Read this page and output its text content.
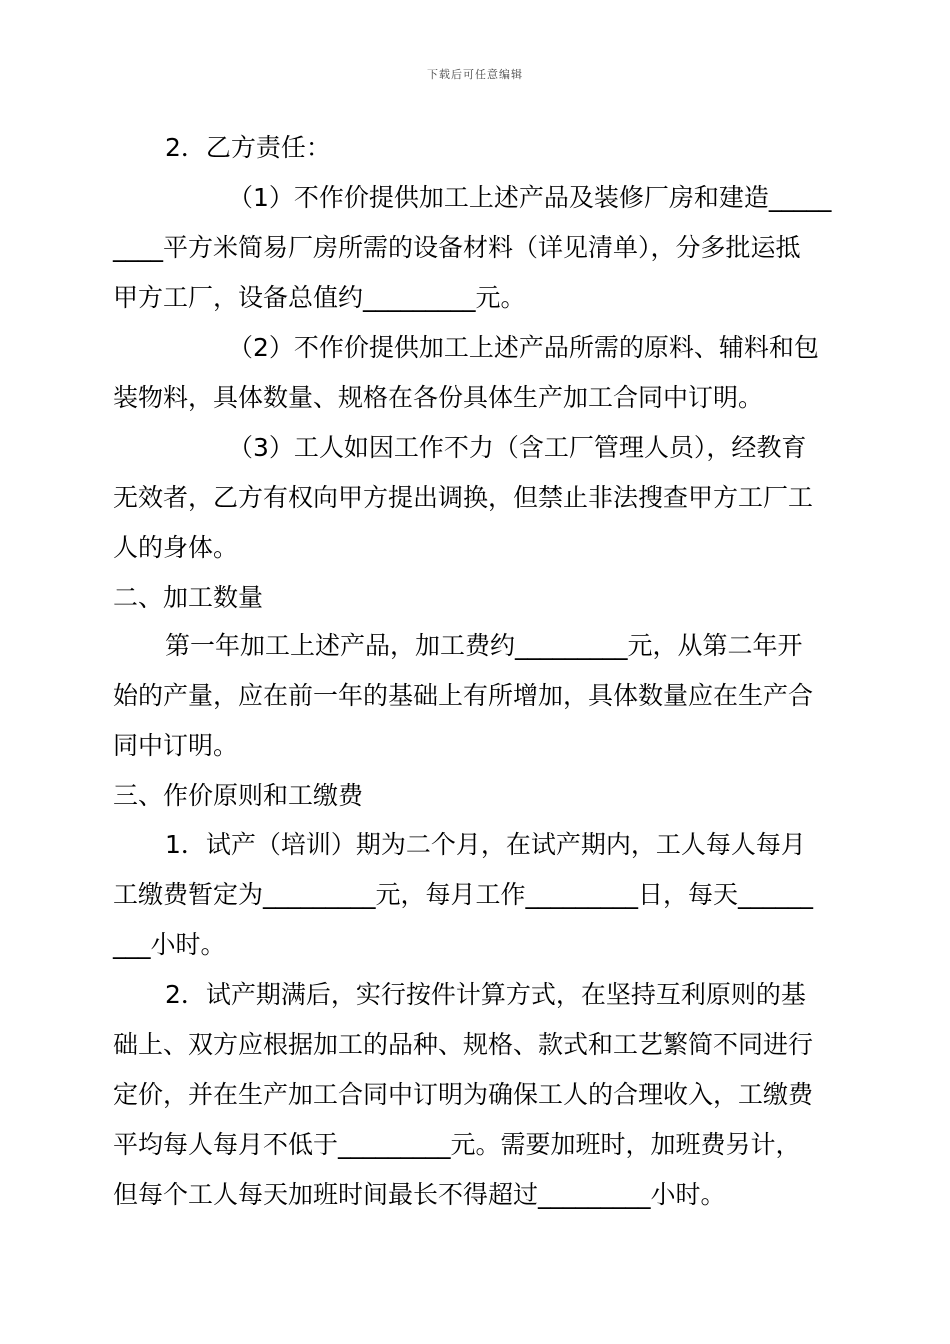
下载后可任意编辑
2．乙方责任：
（1）不作价提供加工上述产品及装修厂房和建造_____
____平方米简易厂房所需的设备材料（详见清单），分多批运抵
甲方工厂，设备总值约_________元。
（2）不作价提供加工上述产品所需的原料、辅料和包
装物料，具体数量、规格在各份具体生产加工合同中订明。
（3）工人如因工作不力（含工厂管理人员），经教育
无效者，乙方有权向甲方提出调换，但禁止非法搜查甲方工厂工
人的身体。
二、加工数量
第一年加工上述产品，加工费约_________元，从第二年开
始的产量，应在前一年的基础上有所增加，具体数量应在生产合
同中订明。
三、作价原则和工缴费
1．试产（培训）期为二个月，在试产期内，工人每人每月
工缴费暂定为_________元，每月工作_________日，每天______
___小时。
2．试产期满后，实行按件计算方式，在坚持互利原则的基
础上、双方应根据加工的品种、规格、款式和工艺繁简不同进行
定价，并在生产加工合同中订明为确保工人的合理收入，工缴费
平均每人每月不低于_________元。需要加班时，加班费另计，
但每个工人每天加班时间最长不得超过_________小时。
